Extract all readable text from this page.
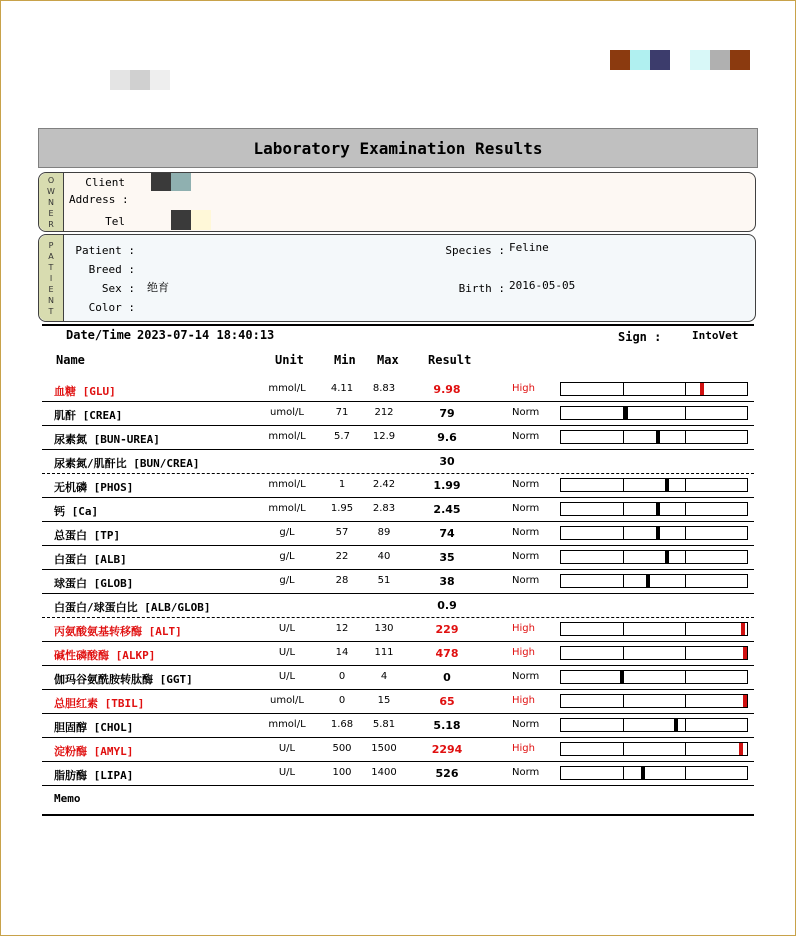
Laboratory Examination Results
O
W
N
E
R
Client
Address :
Tel
P
A
T
I
E
N
T
Patient :
Breed :
Sex : 绝育
Color :
Species : Feline
Birth : 2016-05-05
Date/Time 2023-07-14 18:40:13	Sign :	IntoVet
Name	Unit	Min Max Result
血糖 [GLU]	mmol/L	4.11	8.83	9.98	High
肌酐 [CREA]	umol/L	71	212	79	Norm
尿素氮 [BUN-UREA]	mmol/L	5.7	12.9	9.6	Norm
尿素氮/肌酐比 [BUN/CREA]	30
无机磷 [PHOS]	mmol/L	1	2.42	1.99	Norm
钙 [Ca]	mmol/L	1.95	2.83	2.45	Norm
总蛋白 [TP]	g/L	57	89	74	Norm
白蛋白 [ALB]	g/L	22	40	35	Norm
球蛋白 [GLOB]	g/L	28	51	38	Norm
白蛋白/球蛋白比 [ALB/GLOB]	0.9
丙氨酸氨基转移酶 [ALT]	U/L	12	130	229	High
碱性磷酸酶 [ALKP]	U/L	14	111	478	High
伽玛谷氨酰胺转肽酶 [GGT]	U/L	0	4	0	Norm
总胆红素 [TBIL]	umol/L	0	15	65	High
胆固醇 [CHOL]	mmol/L	1.68	5.81	5.18	Norm
淀粉酶 [AMYL]	U/L	500	1500	2294	High
脂肪酶 [LIPA]	U/L	100	1400	526	Norm
Memo
